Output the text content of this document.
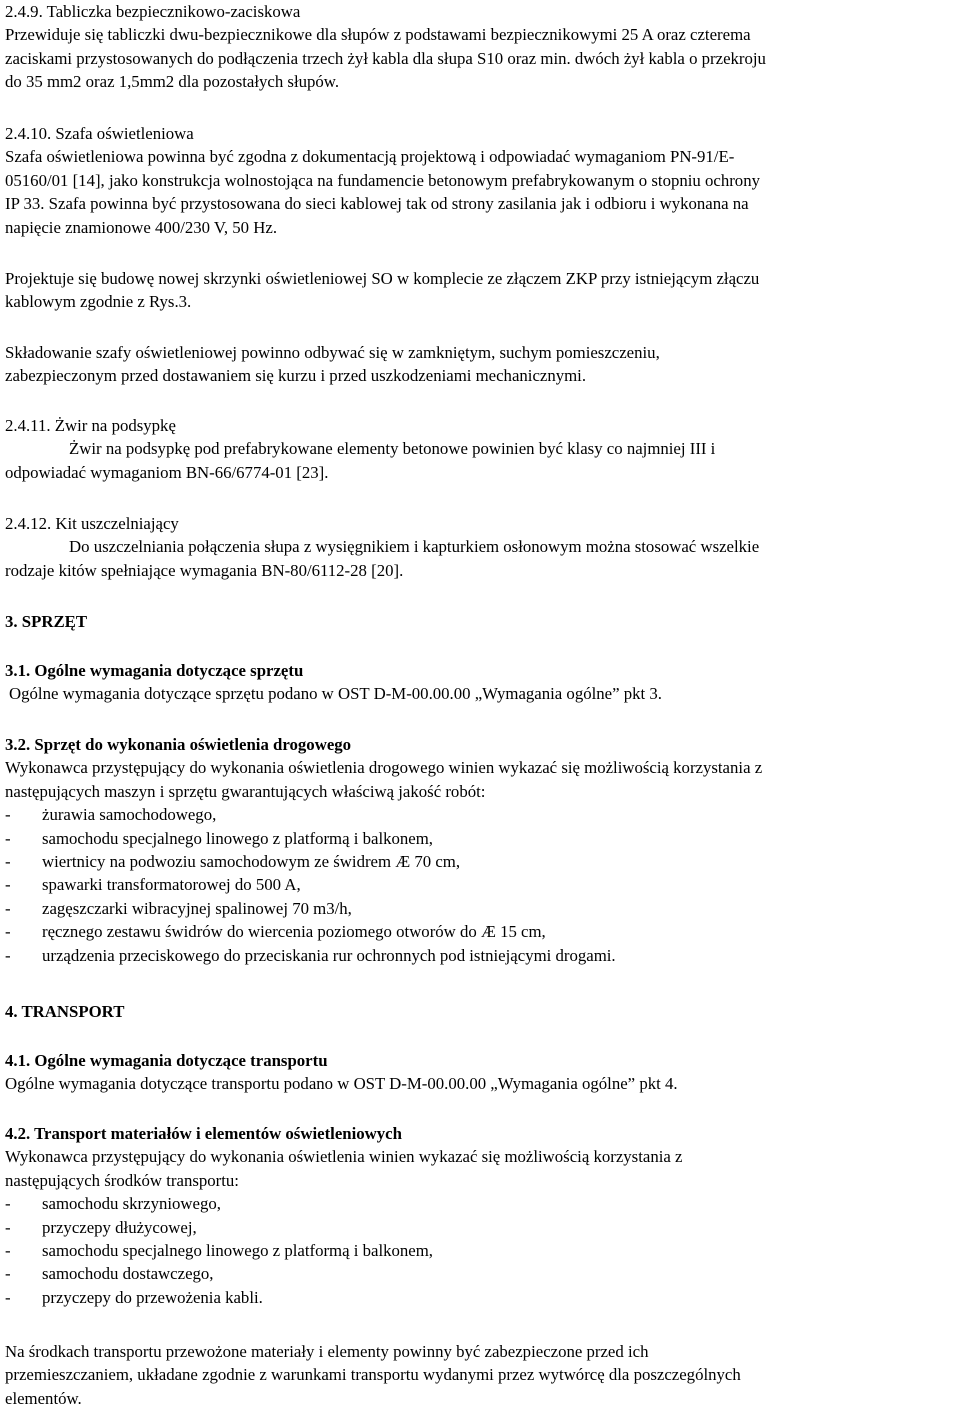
2.4.9. Tabliczka bezpiecznikowo-zaciskowa
Przewiduje się tabliczki dwu-bezpiecznikowe dla słupów z podstawami bezpiecznikowymi 25 A oraz czterema
zaciskami przystosowanych do podłączenia trzech żył kabla dla słupa S10 oraz min. dwóch żył kabla o przekroju
do 35 mm2 oraz 1,5mm2 dla pozostałych słupów.
2.4.10. Szafa oświetleniowa
Szafa oświetleniowa powinna być zgodna z dokumentacją projektową i odpowiadać wymaganiom PN-91/E-
05160/01 [14], jako konstrukcja wolnostojąca na fundamencie betonowym prefabrykowanym o stopniu ochrony
IP 33. Szafa powinna być przystosowana do sieci kablowej tak od strony zasilania jak i odbioru i wykonana na
napięcie znamionowe 400/230 V, 50 Hz.
Projektuje się budowę nowej skrzynki oświetleniowej SO w komplecie ze złączem ZKP przy istniejącym złączu
kablowym zgodnie z Rys.3.
Składowanie szafy oświetleniowej powinno odbywać się w zamkniętym, suchym pomieszczeniu,
zabezpieczonym przed dostawaniem się kurzu i przed uszkodzeniami mechanicznymi.
2.4.11. Żwir na podsypkę
Żwir na podsypkę pod prefabrykowane elementy betonowe powinien być klasy co najmniej III i
odpowiadać wymaganiom BN-66/6774-01 [23].
2.4.12. Kit uszczelniający
Do uszczelniania połączenia słupa z wysięgnikiem i kapturkiem osłonowym można stosować wszelkie
rodzaje kitów spełniające wymagania BN-80/6112-28 [20].
3. SPRZĘT
3.1. Ogólne wymagania dotyczące sprzętu
Ogólne wymagania dotyczące sprzętu podano w OST D-M-00.00.00 „Wymagania ogólne” pkt 3.
3.2. Sprzęt do wykonania oświetlenia drogowego
Wykonawca przystępujący do wykonania oświetlenia drogowego winien wykazać się możliwością korzystania z
następujących maszyn i sprzętu gwarantujących właściwą jakość robót:
- żurawia samochodowego,
- samochodu specjalnego linowego z platformą i balkonem,
- wiertnicy na podwoziu samochodowym ze świdrem Æ 70 cm,
- spawarki transformatorowej do 500 A,
- zagęszczarki wibracyjnej spalinowej 70 m3/h,
- ręcznego zestawu świdrów do wiercenia poziomego otworów do Æ 15 cm,
- urządzenia przeciskowego do przeciskania rur ochronnych pod istniejącymi drogami.
4. TRANSPORT
4.1. Ogólne wymagania dotyczące transportu
Ogólne wymagania dotyczące transportu podano w OST D-M-00.00.00 „Wymagania ogólne” pkt 4.
4.2. Transport materiałów i elementów oświetleniowych
Wykonawca przystępujący do wykonania oświetlenia winien wykazać się możliwością korzystania z
następujących środków transportu:
- samochodu skrzyniowego,
- przyczepy dłużycowej,
- samochodu specjalnego linowego z platformą i balkonem,
- samochodu dostawczego,
- przyczepy do przewożenia kabli.
Na środkach transportu przewożone materiały i elementy powinny być zabezpieczone przed ich
przemieszczaniem, układane zgodnie z warunkami transportu wydanymi przez wytwórcę dla poszczególnych
elementów.
